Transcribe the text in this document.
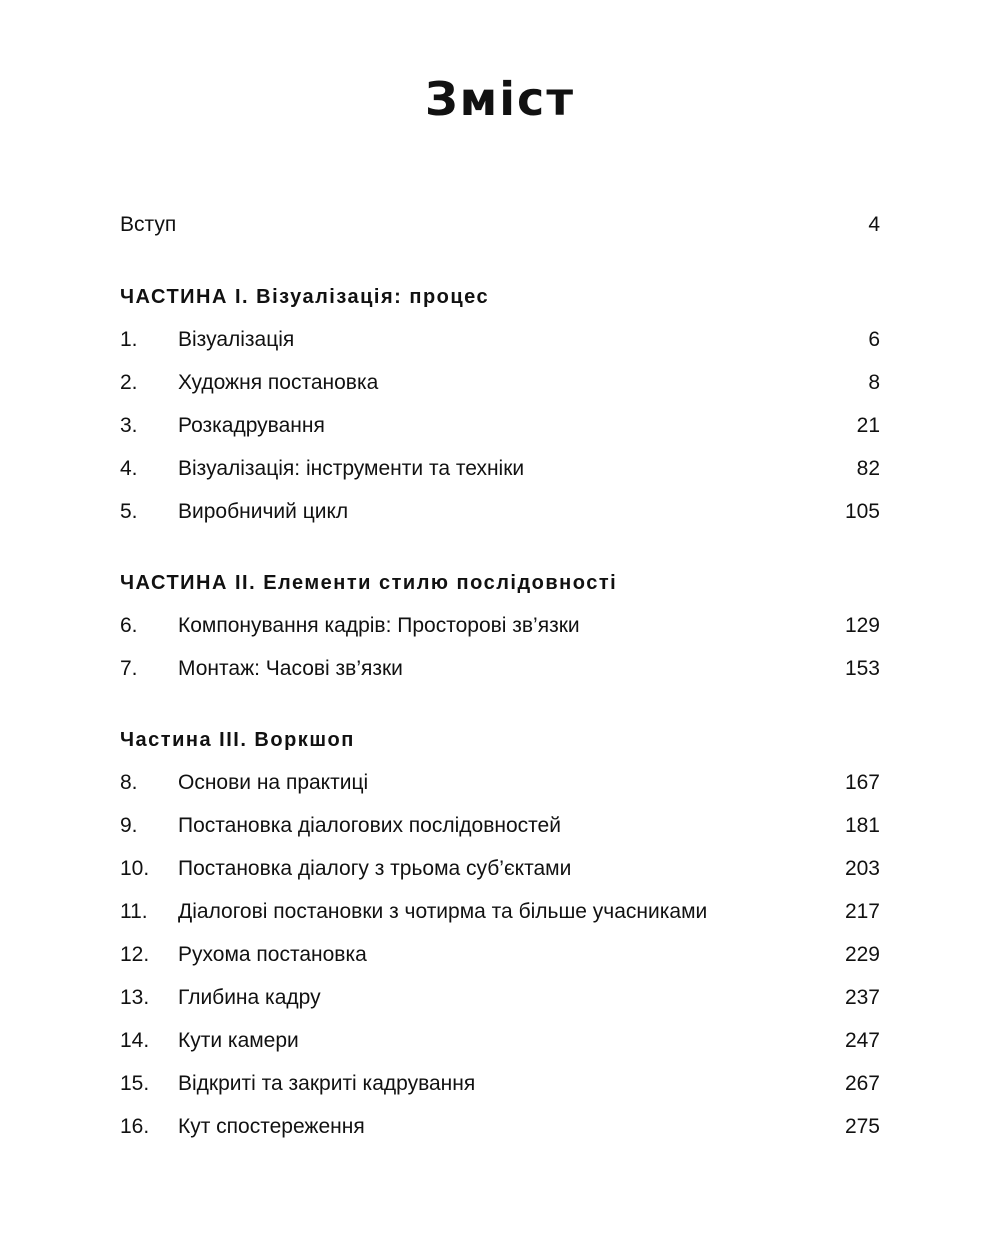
Зміст
Вступ	4
ЧАСТИНА I. Візуалізація: процес
1.	Візуалізація	6
2.	Художня постановка	8
3.	Розкадрування	21
4.	Візуалізація: інструменти та техніки	82
5.	Виробничий цикл	105
ЧАСТИНА II. Елементи стилю послідовності
6.	Компонування кадрів: Просторові зв’язки	129
7.	Монтаж: Часові зв’язки	153
Частина III. Воркшоп
8.	Основи на практиці	167
9.	Постановка діалогових послідовностей	181
10.	Постановка діалогу з трьома суб’єктами	203
11.	Діалогові постановки з чотирма та більше учасниками	217
12.	Рухома постановка	229
13.	Глибина кадру	237
14.	Кути камери	247
15.	Відкриті та закриті кадрування	267
16.	Кут спостереження	275
